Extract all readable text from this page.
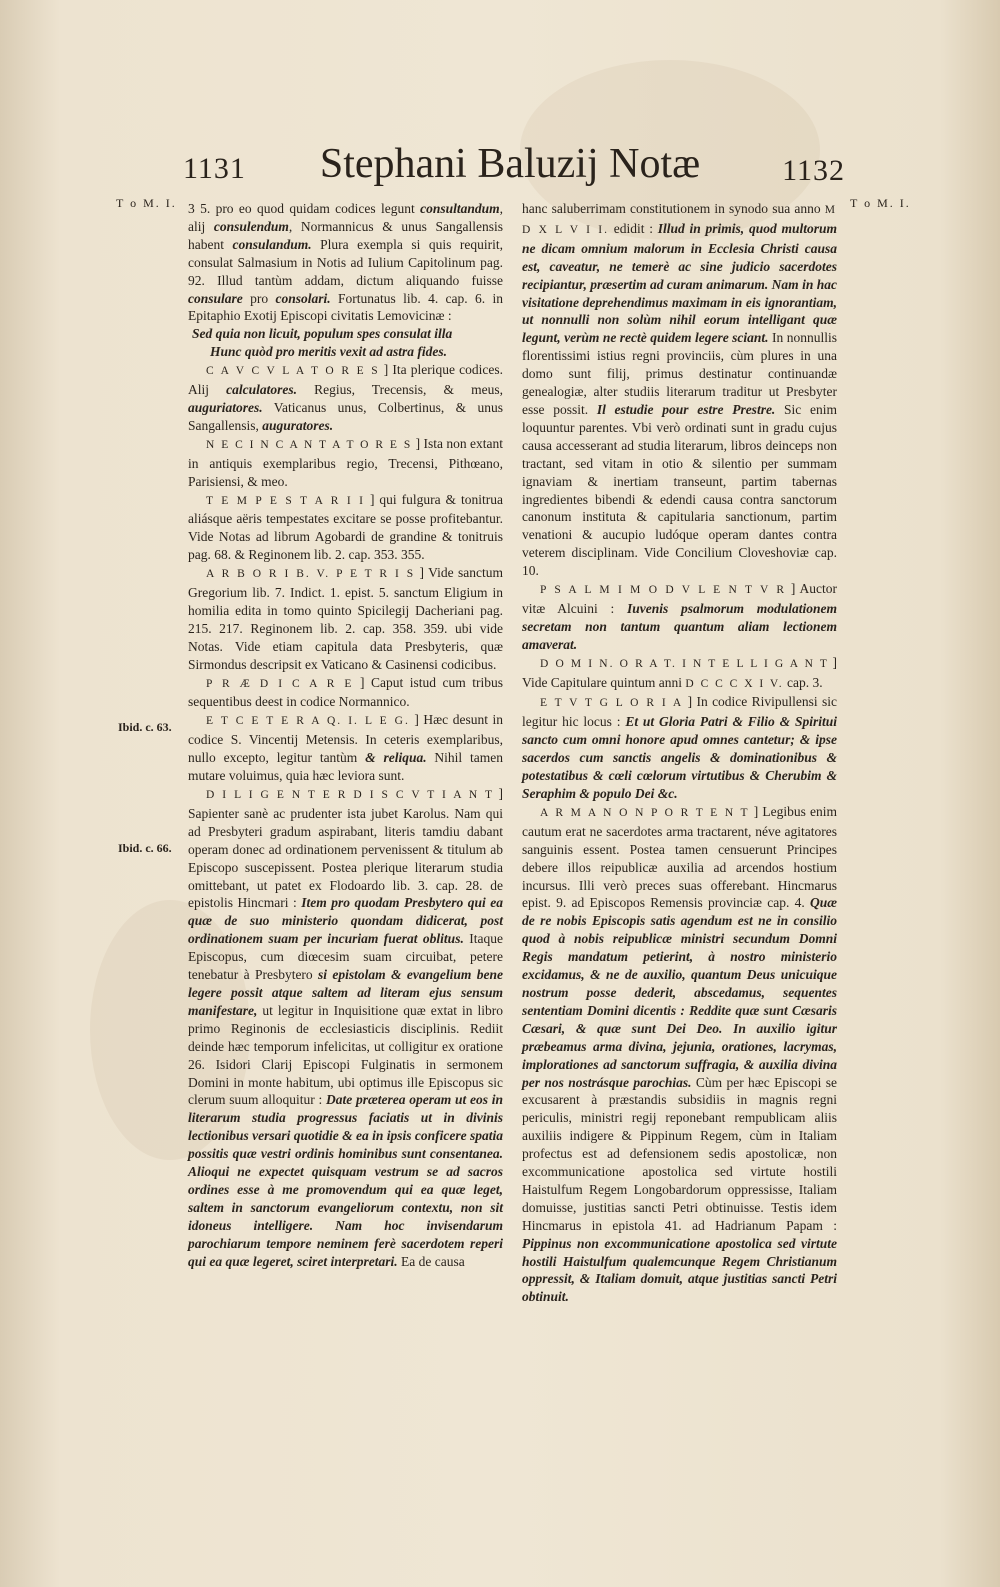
1131	Stephani Baluzij Notæ	1132
T o M. I.	T o M. I.
Ibid. c. 63.
Ibid. c. 66.

3 5. pro eo quod quidam codices legunt consultandum, alij consulendum, Normannicus & unus Sangallensis habent consulandum. Plura exempla si quis requirit, consulat Salmasium in Notis ad Iulium Capitolinum pag. 92. Illud tantùm addam, dictum aliquando fuisse consulare pro consolari. Fortunatus lib. 4. cap. 6. in Epitaphio Exotij Episcopi civitatis Lemovicinæ :

Sed quia non licuit, populum spes consulat illa

Hunc quòd pro meritis vexit ad astra fides.

C A V C V L A T O R E S ] Ita plerique codices. Alij calculatores. Regius, Trecensis, & meus, auguriatores. Vaticanus unus, Colbertinus, & unus Sangallensis, auguratores.

N E C I N C A N T A T O R E S ] Ista non extant in antiquis exemplaribus regio, Trecensi, Pithœano, Parisiensi, & meo.

T E M P E S T A R I I ] qui fulgura & tonitrua aliásque aëris tempestates excitare se posse profitebantur. Vide Notas ad librum Agobardi de grandine & tonitruis pag. 68. & Reginonem lib. 2. cap. 353. 355.

A R B O R I B. V. P E T R I S ] Vide sanctum Gregorium lib. 7. Indict. 1. epist. 5. sanctum Eligium in homilia edita in tomo quinto Spicilegij Dacheriani pag. 215. 217. Reginonem lib. 2. cap. 358. 359. ubi vide Notas. Vide etiam capitula data Presbyteris, quæ Sirmondus descripsit ex Vaticano & Casinensi codicibus.

P R Æ D I C A R E ] Caput istud cum tribus sequentibus deest in codice Normannico.

E T C E T E R A Q. I. L E G. ] Hæc desunt in codice S. Vincentij Metensis. In ceteris exemplaribus, nullo excepto, legitur tantùm & reliqua. Nihil tamen mutare voluimus, quia hæc leviora sunt.

D I L I G E N T E R D I S C V T I A N T ] Sapienter sanè ac prudenter ista jubet Karolus. Nam qui ad Presbyteri gradum aspirabant, literis tamdiu dabant operam donec ad ordinationem pervenissent & titulum ab Episcopo suscepissent. Postea plerique literarum studia omittebant, ut patet ex Flodoardo lib. 3. cap. 28. de epistolis Hincmari : Item pro quodam Presbytero qui ea quæ de suo ministerio quondam didicerat, post ordinationem suam per incuriam fuerat oblitus. Itaque Episcopus, cum diœcesim suam circuibat, petere tenebatur à Presbytero si epistolam & evangelium bene legere possit atque saltem ad literam ejus sensum manifestare, ut legitur in Inquisitione quæ extat in libro primo Reginonis de ecclesiasticis disciplinis. Rediit deinde hæc temporum infelicitas, ut colligitur ex oratione 26. Isidori Clarij Episcopi Fulginatis in sermonem Domini in monte habitum, ubi optimus ille Episcopus sic clerum suum alloquitur : Date præterea operam ut eos in literarum studia progressus faciatis ut in divinis lectionibus versari quotidie & ea in ipsis conficere spatia possitis quæ vestri ordinis hominibus sunt consentanea. Alioqui ne expectet quisquam vestrum se ad sacros ordines esse à me promovendum qui ea quæ leget, saltem in sanctorum evangeliorum contextu, non sit idoneus intelligere. Nam hoc invisendarum parochiarum tempore neminem ferè sacerdotem reperi qui ea quæ legeret, sciret interpretari. Ea de causa

hanc saluberrimam constitutionem in synodo sua anno M D X L V I I. edidit : Illud in primis, quod multorum ne dicam omnium malorum in Ecclesia Christi causa est, caveatur, ne temerè ac sine judicio sacerdotes recipiantur, præsertim ad curam animarum. Nam in hac visitatione deprehendimus maximam in eis ignorantiam, ut nonnulli non solùm nihil eorum intelligant quæ legunt, verùm ne rectè quidem legere sciant. In nonnullis florentissimi istius regni provinciis, cùm plures in una domo sunt filij, primus destinatur continuandæ genealogiæ, alter studiis literarum traditur ut Presbyter esse possit. Il estudie pour estre Prestre. Sic enim loquuntur parentes. Vbi verò ordinati sunt in gradu cujus causa accesserant ad studia literarum, libros deinceps non tractant, sed vitam in otio & silentio per summam ignaviam & inertiam transeunt, partim tabernas ingredientes bibendi & edendi causa contra sanctorum canonum instituta & capitularia sanctionum, partim venationi & aucupio ludóque operam dantes contra veterem disciplinam. Vide Concilium Cloveshoviæ cap. 10.

P S A L M I M O D V L E N T V R ] Auctor vitæ Alcuini : Iuvenis psalmorum modulationem secretam non tantum quantum aliam lectionem amaverat.

D O M I N. O R A T. I N T E L L I G A N T ] Vide Capitulare quintum anni D C C C X I V. cap. 3.

E T V T G L O R I A ] In codice Rivipullensi sic legitur hic locus : Et ut Gloria Patri & Filio & Spiritui sancto cum omni honore apud omnes cantetur; & ipse sacerdos cum sanctis angelis & dominationibus & potestatibus & cœli cœlorum virtutibus & Cherubim & Seraphim & populo Dei &c.

A R M A N O N P O R T E N T ] Legibus enim cautum erat ne sacerdotes arma tractarent, néve agitatores sanguinis essent. Postea tamen censuerunt Principes debere illos reipublicæ auxilia ad arcendos hostium incursus. Illi verò preces suas offerebant. Hincmarus epist. 9. ad Episcopos Remensis provinciæ cap. 4. Quæ de re nobis Episcopis satis agendum est ne in consilio quod à nobis reipublicæ ministri secundum Domni Regis mandatum petierint, à nostro ministerio excidamus, & ne de auxilio, quantum Deus unicuique nostrum posse dederit, abscedamus, sequentes sententiam Domini dicentis : Reddite quæ sunt Cæsaris Cæsari, & quæ sunt Dei Deo. In auxilio igitur præbeamus arma divina, jejunia, orationes, lacrymas, implorationes ad sanctorum suffragia, & auxilia divina per nos nostrásque parochias. Cùm per hæc Episcopi se excusarent à præstandis subsidiis in magnis regni periculis, ministri regij reponebant rempublicam aliis auxiliis indigere & Pippinum Regem, cùm in Italiam profectus est ad defensionem sedis apostolicæ, non excommunicatione apostolica sed virtute hostili Haistulfum Regem Longobardorum oppressisse, Italiam domuisse, justitias sancti Petri obtinuisse. Testis idem Hincmarus in epistola 41. ad Hadrianum Papam : Pippinus non excommunicatione apostolica sed virtute hostili Haistulfum qualemcunque Regem Christianum oppressit, & Italiam domuit, atque justitias sancti Petri obtinuit.
